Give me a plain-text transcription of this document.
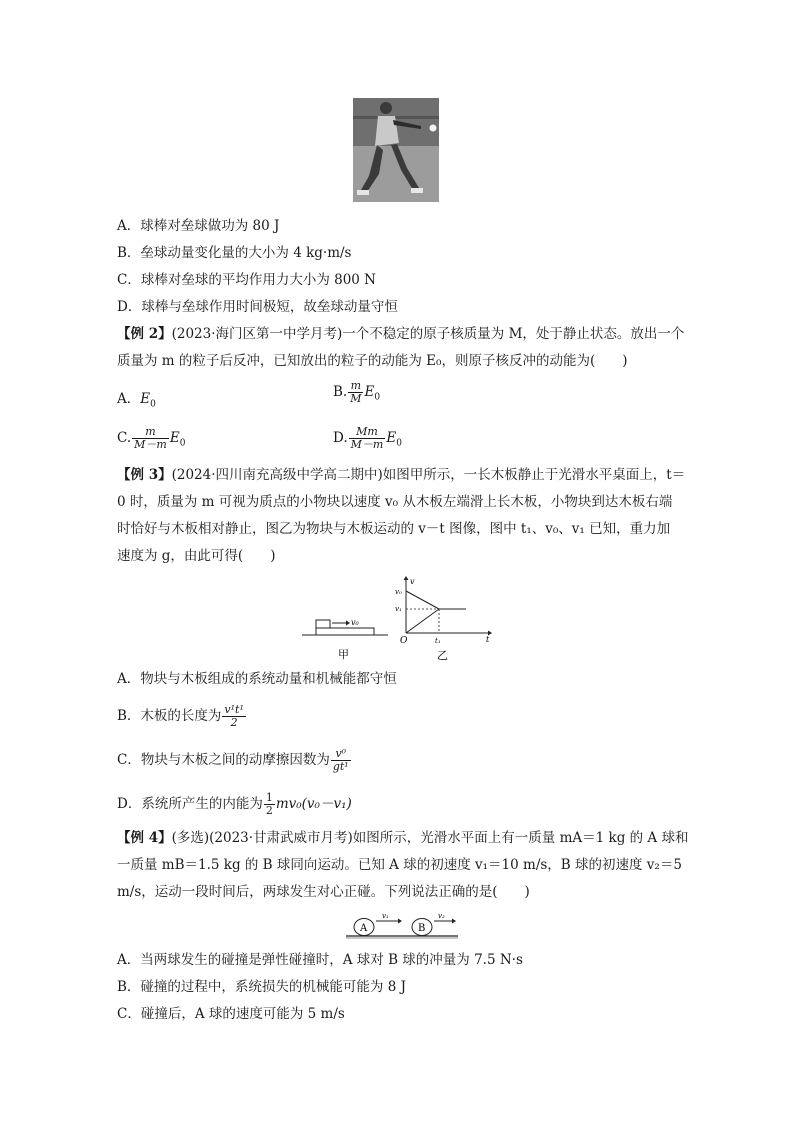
A．球棒对垒球做功为 80 J
B．垒球动量变化量的大小为 4 kg·m/s
C．球棒对垒球的平均作用力大小为 800 N
D．球棒与垒球作用时间极短，故垒球动量守恒
【例 2】(2023·海门区第一中学月考)一个不稳定的原子核质量为 M，处于静止状态。放出一个
质量为 m 的粒子后反冲，已知放出的粒子的动能为 E₀，则原子核反冲的动能为(　　)
A．$E_0$
B. $\frac{m}{M} E_0$
C. $\frac{m}{M-m} E_0$	D. $\frac{Mm}{M-m} E_0$
【例 3】(2024·四川南充高级中学高二期中)如图甲所示，一长木板静止于光滑水平桌面上，t＝
0 时，质量为 m 可视为质点的小物块以速度 v₀ 从木板左端滑上长木板，小物块到达木板右端
时恰好与木板相对静止，图乙为物块与木板运动的 v－t 图像，图中 t₁、v₀、v₁ 已知，重力加
速度为 g，由此可得(　　)
v₀
甲
v
t
O
v₀
v₁
t₁
乙
A．物块与木板组成的系统动量和机械能都守恒
B．木板的长度为 $\frac{\text{v¹t¹}}{2}$
C．物块与木板之间的动摩擦因数为 $\frac{\text{v⁰}}{\text{gt¹}}$
D．系统所产生的内能为 $\frac{1}{2} mv_0(v_0-v_1)$
【例 4】(多选)(2023·甘肃武威市月考)如图所示，光滑水平面上有一质量 mA＝1 kg 的 A 球和
一质量 mB＝1.5 kg 的 B 球同向运动。已知 A 球的初速度 v₁＝10 m/s，B 球的初速度 v₂＝5
m/s，运动一段时间后，两球发生对心正碰。下列说法正确的是(　　)
A
v₁
B
v₂
A．当两球发生的碰撞是弹性碰撞时，A 球对 B 球的冲量为 7.5 N·s
B．碰撞的过程中，系统损失的机械能可能为 8 J
C．碰撞后，A 球的速度可能为 5 m/s
